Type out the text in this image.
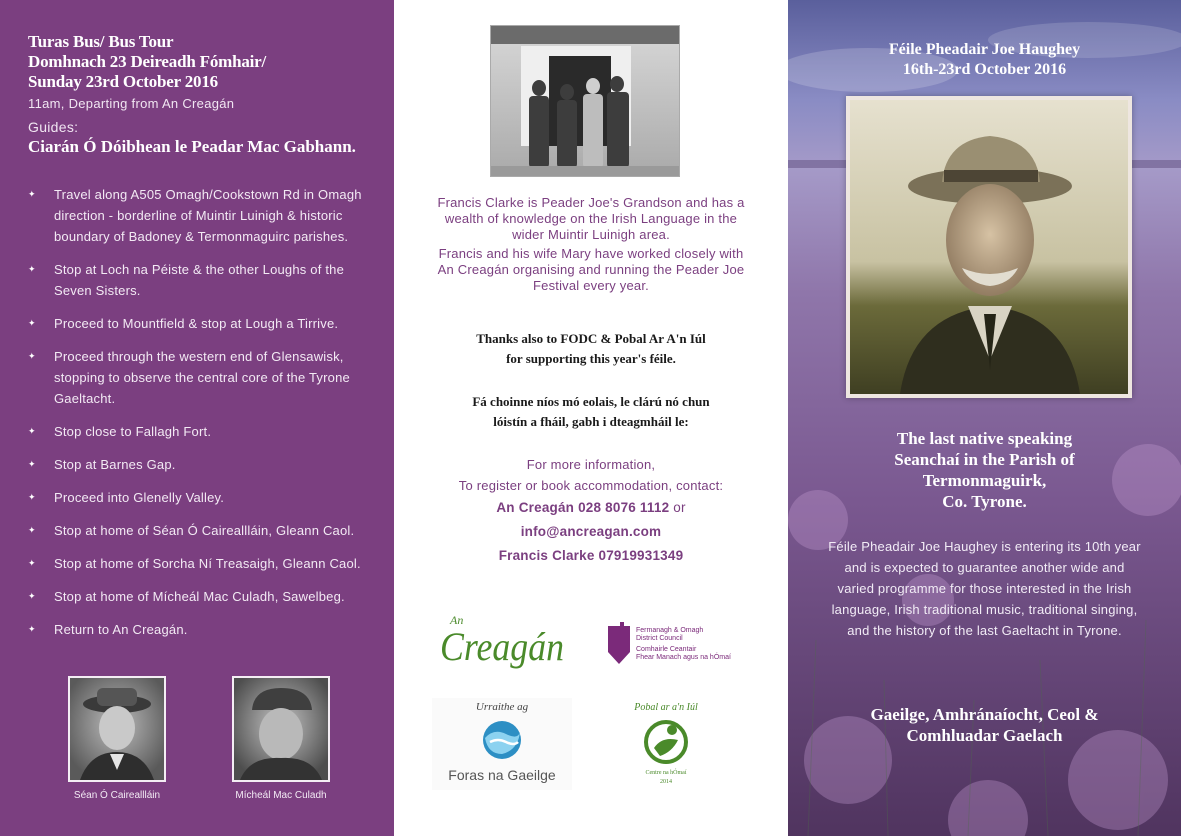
Turas Bus/ Bus Tour
Domhnach 23 Deireadh Fómhair/
Sunday 23rd October 2016
11am, Departing from An Creagán
Guides:
Ciarán Ó Dóibhean le Peadar Mac Gabhann.
✦ Travel along A505 Omagh/Cookstown Rd in Omagh direction - borderline of Muintir Luinigh & historic boundary of Badoney & Termonmaguirc parishes.
✦ Stop at Loch na Péiste & the other Loughs of the Seven Sisters.
✦ Proceed to Mountfield & stop at Lough a Tirrive.
✦ Proceed through the western end of Glensawisk, stopping to observe the central core of the Tyrone Gaeltacht.
✦ Stop close to Fallagh Fort.
✦ Stop at Barnes Gap.
✦ Proceed into Glenelly Valley.
✦ Stop at home of Séan Ó Caireallláin, Gleann Caol.
✦ Stop at home of Sorcha Ní Treasaigh, Gleann Caol.
✦ Stop at home of Mícheál Mac Culadh, Sawelbeg.
✦ Return to An Creagán.
Séan Ó Caireallláin	Mícheál Mac Culadh

Francis Clarke is Peader Joe's Grandson and has a wealth of knowledge on the Irish Language in the wider Muintir Luinigh area.

Francis and his wife Mary have worked closely with An Creagán organising and running the Peader Joe Festival every year.

Thanks also to FODC & Pobal Ar A'n Iúl
for supporting this year's féile.
Fá choinne níos mó eolais, le clárú nó chun
lóistín a fháil, gabh i dteagmháil le:
For more information,
To register or book accommodation, contact:
An Creagán 028 8076 1112 or
info@ancreagan.com
Francis Clarke 07919931349
An
Creagán	Fermanagh & Omagh
District Council
Comhairle Ceantair
Fhear Manach agus na hÓmaí
Urraithe ag
Foras na Gaeilge
Pobal ar a'n Iúl
Centre na hÓmaí
2014
Féile Pheadair Joe Haughey
16th-23rd October 2016
The last native speaking
Seanchaí in the Parish of
Termonmaguirk,
Co. Tyrone.
Féile Pheadair Joe Haughey is entering its 10th year and is expected to guarantee another wide and varied programme for those interested in the Irish language, Irish traditional music, traditional singing, and the history of the last Gaeltacht in Tyrone.
Gaeilge, Amhránaíocht, Ceol &
Comhluadar Gaelach
